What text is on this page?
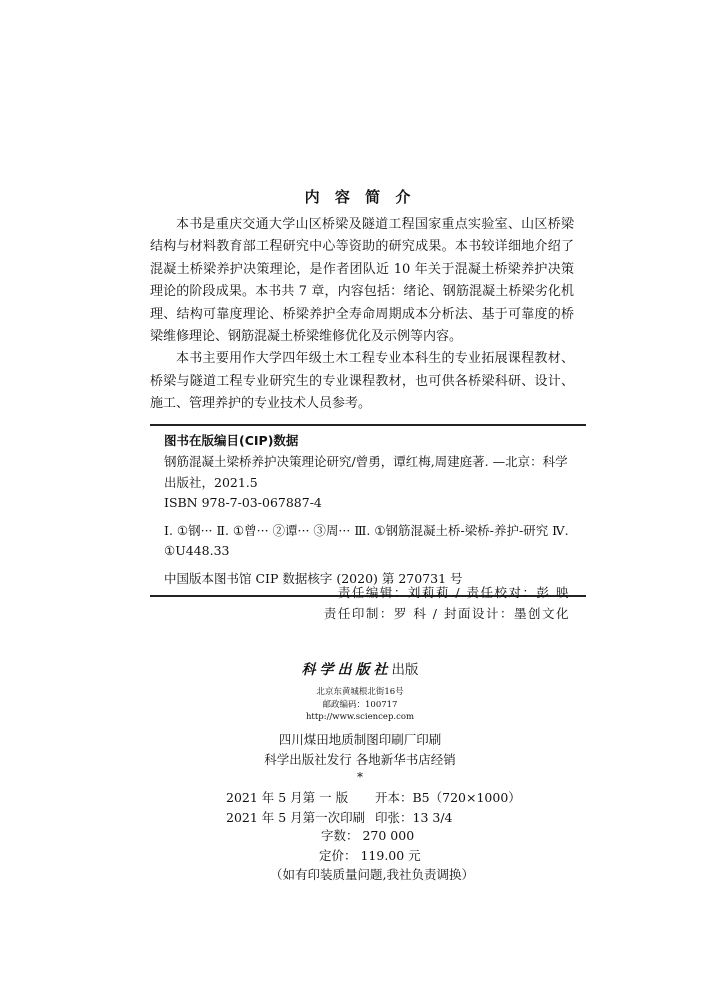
内 容 简 介

本书是重庆交通大学山区桥梁及隧道工程国家重点实验室、山区桥梁结构与材料教育部工程研究中心等资助的研究成果。本书较详细地介绍了混凝土桥梁养护决策理论，是作者团队近 10 年关于混凝土桥梁养护决策理论的阶段成果。本书共 7 章，内容包括：绪论、钢筋混凝土桥梁劣化机理、结构可靠度理论、桥梁养护全寿命周期成本分析法、基于可靠度的桥梁维修理论、钢筋混凝土桥梁维修优化及示例等内容。

本书主要用作大学四年级土木工程专业本科生的专业拓展课程教材、桥梁与隧道工程专业研究生的专业课程教材，也可供各桥梁科研、设计、施工、管理养护的专业技术人员参考。

图书在版编目(CIP)数据
钢筋混凝土梁桥养护决策理论研究/曾勇，谭红梅,周建庭著. —北京：科学出版社，2021.5
ISBN 978-7-03-067887-4
Ⅰ. ①钢··· Ⅱ. ①曾··· ②谭··· ③周··· Ⅲ. ①钢筋混凝土桥-梁桥-养护-研究 Ⅳ. ①U448.33
中国版本图书馆 CIP 数据核字 (2020) 第 270731 号
责任编辑：刘莉莉 / 责任校对：彭 映
责任印制：罗 科 / 封面设计：墨创文化
科学出版社出版
北京东黄城根北街16号
邮政编码：100717
http://www.sciencep.com
四川煤田地质制图印刷厂印刷
科学出版社发行 各地新华书店经销
*
2021 年 5 月第 一 版	开本：B5（720×1000）
2021 年 5 月第一次印刷 印张：13 3/4
字数： 270 000
定价： 119.00 元
（如有印装质量问题,我社负责调换）
